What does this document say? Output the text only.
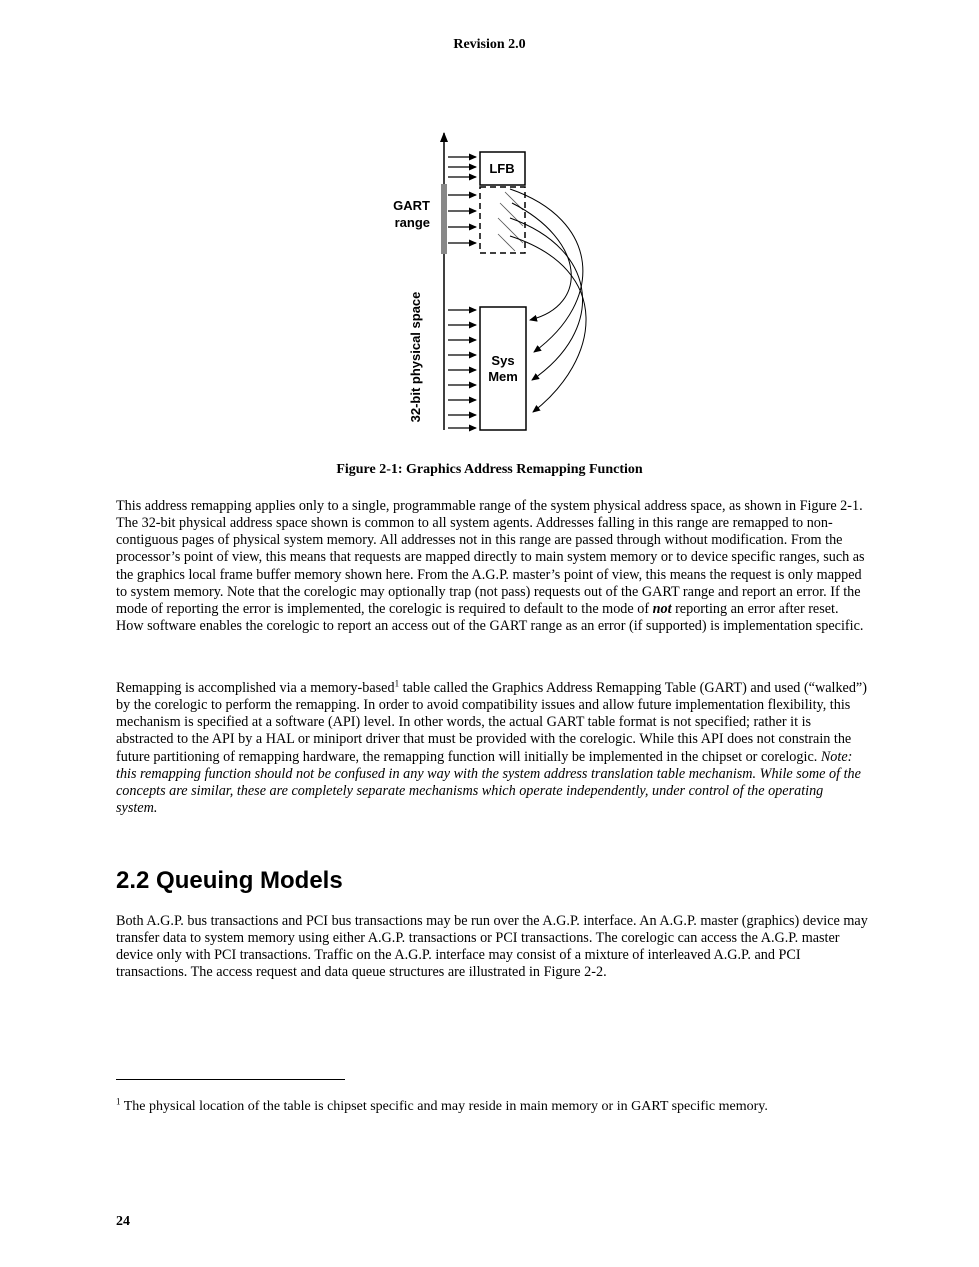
Revision 2.0
LFB
Sys
Mem
GART
range
32-bit physical space
Figure 2-1: Graphics Address Remapping Function

This address remapping applies only to a single, programmable range of the system physical address space, as shown in Figure 2-1. The 32-bit physical address space shown is common to all system agents. Addresses falling in this range are remapped to non-contiguous pages of physical system memory. All addresses not in this range are passed through without modification. From the processor’s point of view, this means that requests are mapped directly to main system memory or to device specific ranges, such as the graphics local frame buffer memory shown here. From the A.G.P. master’s point of view, this means the request is only mapped to system memory. Note that the corelogic may optionally trap (not pass) requests out of the GART range and report an error. If the mode of reporting the error is implemented, the corelogic is required to default to the mode of not reporting an error after reset. How software enables the corelogic to report an access out of the GART range as an error (if supported) is implementation specific.

Remapping is accomplished via a memory-based$^1$ table called the Graphics Address Remapping Table (GART) and used (“walked”) by the corelogic to perform the remapping. In order to avoid compatibility issues and allow future implementation flexibility, this mechanism is specified at a software (API) level. In other words, the actual GART table format is not specified; rather it is abstracted to the API by a HAL or miniport driver that must be provided with the corelogic. While this API does not constrain the future partitioning of remapping hardware, the remapping function will initially be implemented in the chipset or corelogic. Note: this remapping function should not be confused in any way with the system address translation table mechanism. While some of the concepts are similar, these are completely separate mechanisms which operate independently, under control of the operating system.

2.2 Queuing Models

Both A.G.P. bus transactions and PCI bus transactions may be run over the A.G.P. interface. An A.G.P. master (graphics) device may transfer data to system memory using either A.G.P. transactions or PCI transactions. The corelogic can access the A.G.P. master device only with PCI transactions. Traffic on the A.G.P. interface may consist of a mixture of interleaved A.G.P. and PCI transactions. The access request and data queue structures are illustrated in Figure 2-2.

$^1$ The physical location of the table is chipset specific and may reside in main memory or in GART specific memory.

24
